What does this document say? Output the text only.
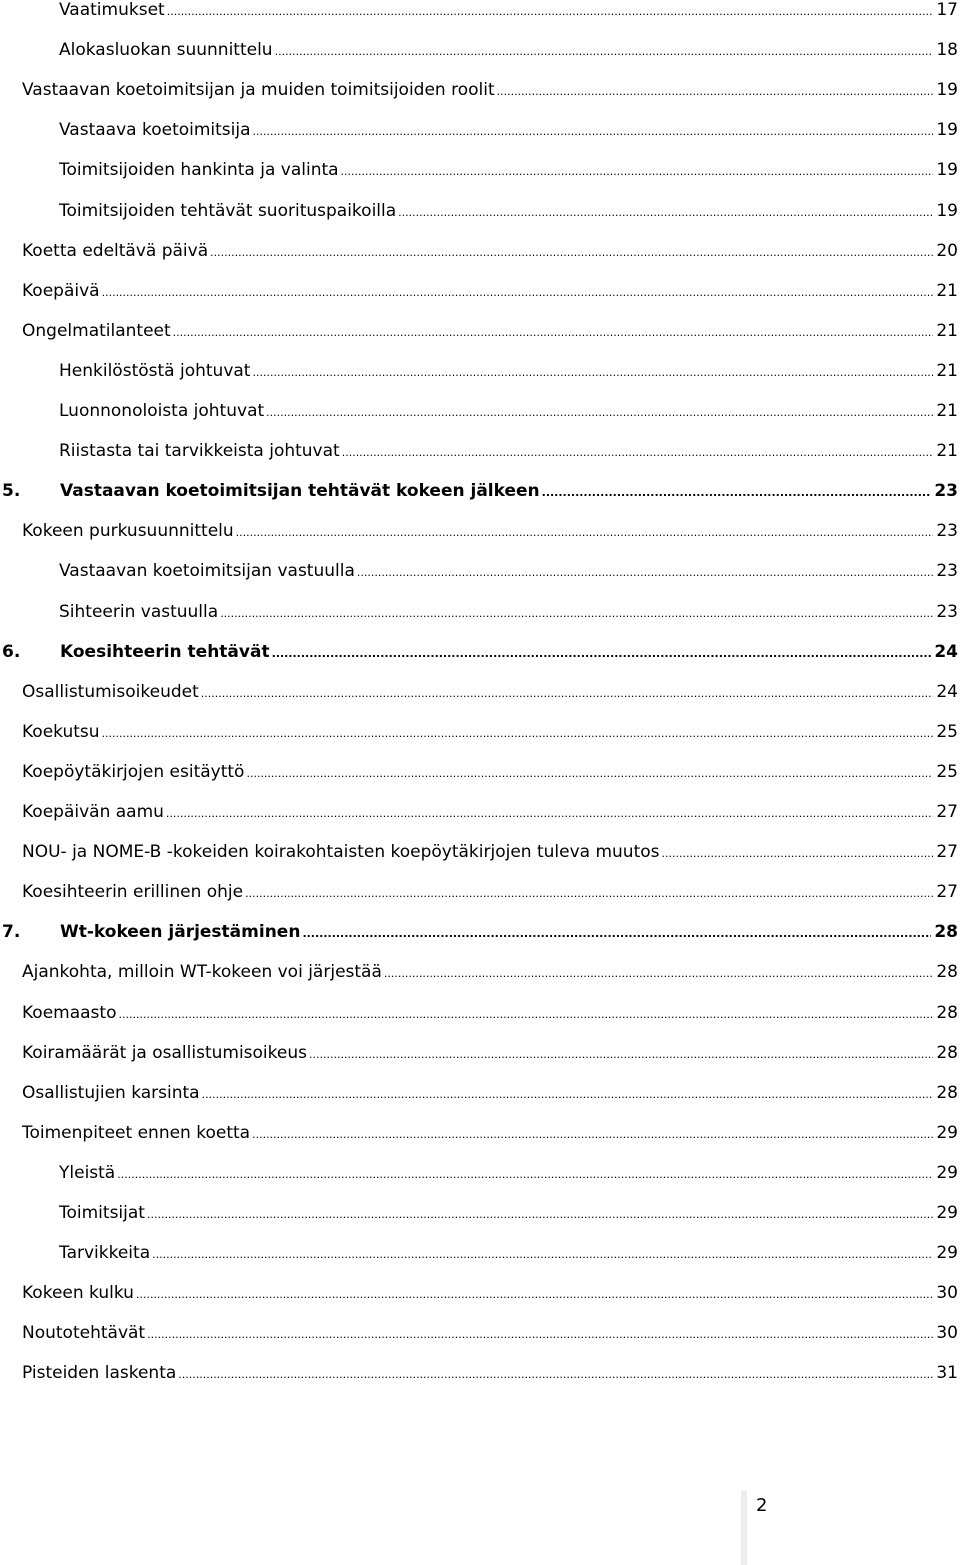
Vaatimukset .....	17
Alokasluokan suunnittelu .....	18
Vastaavan koetoimitsijan ja muiden toimitsijoiden roolit .....	19
Vastaava koetoimitsija .....	19
Toimitsijoiden hankinta ja valinta .....	19
Toimitsijoiden tehtävät suorituspaikoilla .....	19
Koetta edeltävä päivä .....	20
Koepäivä .....	21
Ongelmatilanteet .....	21
Henkilöstöstä johtuvat .....	21
Luonnonoloista johtuvat .....	21
Riistasta tai tarvikkeista johtuvat .....	21
5.	Vastaavan koetoimitsijan tehtävät kokeen jälkeen .....	23
Kokeen purkusuunnittelu .....	23
Vastaavan koetoimitsijan vastuulla .....	23
Sihteerin vastuulla .....	23
6.	Koesihteerin tehtävät .....	24
Osallistumisoikeudet .....	24
Koekutsu .....	25
Koepöytäkirjojen esitäyttö .....	25
Koepäivän aamu .....	27
NOU- ja NOME-B -kokeiden koirakohtaisten koepöytäkirjojen tuleva muutos .....	27
Koesihteerin erillinen ohje .....	27
7.	Wt-kokeen järjestäminen .....	28
Ajankohta, milloin WT-kokeen voi järjestää .....	28
Koemaasto .....	28
Koiramäärät ja osallistumisoikeus .....	28
Osallistujien karsinta .....	28
Toimenpiteet ennen koetta .....	29
Yleistä .....	29
Toimitsijat .....	29
Tarvikkeita .....	29
Kokeen kulku .....	30
Noutotehtävät .....	30
Pisteiden laskenta .....	31
2
